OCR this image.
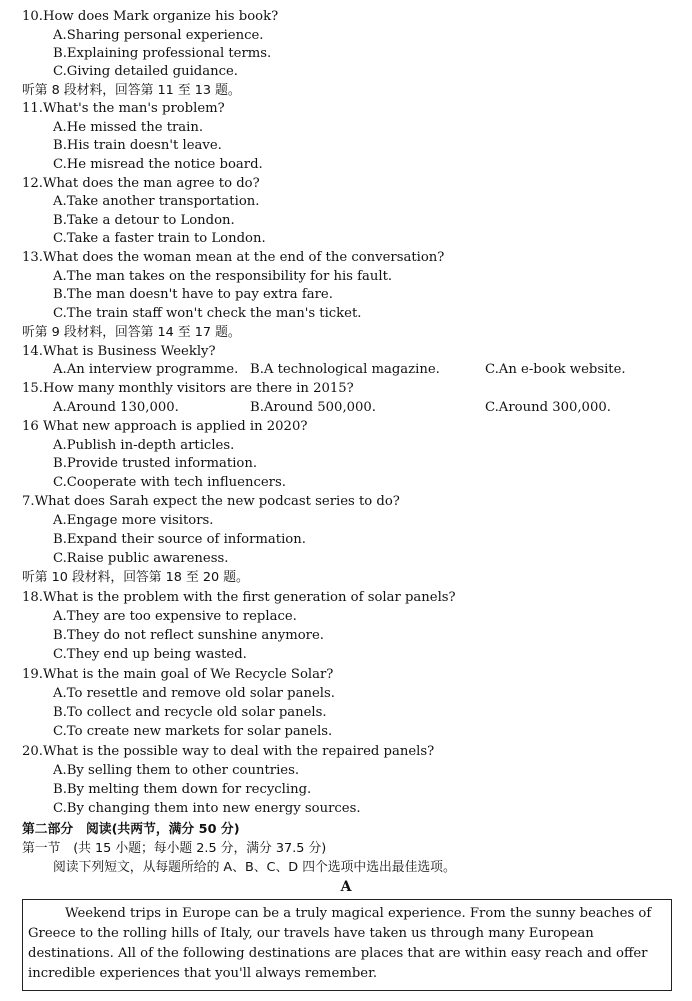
10.How does Mark organize his book?
A.Sharing personal experience.
B.Explaining professional terms.
C.Giving detailed guidance.
听第 8 段材料，回答第 11 至 13 题。
11.What's the man's problem?
A.He missed the train.
B.His train doesn't leave.
C.He misread the notice board.
12.What does the man agree to do?
A.Take another transportation.
B.Take a detour to London.
C.Take a faster train to London.
13.What does the woman mean at the end of the conversation?
A.The man takes on the responsibility for his fault.
B.The man doesn't have to pay extra fare.
C.The train staff won't check the man's ticket.
听第 9 段材料，回答第 14 至 17 题。
14.What is Business Weekly?
A.An interview programme. B.A technological magazine.	C.An e-book website.
15.How many monthly visitors are there in 2015?
A.Around 130,000.	B.Around 500,000.	C.Around 300,000.
16 What new approach is applied in 2020?
A.Publish in-depth articles.
B.Provide trusted information.
C.Cooperate with tech influencers.
7.What does Sarah expect the new podcast series to do?
A.Engage more visitors.
B.Expand their source of information.
C.Raise public awareness.
听第 10 段材料，回答第 18 至 20 题。
18.What is the problem with the first generation of solar panels?
A.They are too expensive to replace.
B.They do not reflect sunshine anymore.
C.They end up being wasted.
19.What is the main goal of We Recycle Solar?
A.To resettle and remove old solar panels.
B.To collect and recycle old solar panels.
C.To create new markets for solar panels.
20.What is the possible way to deal with the repaired panels?
A.By selling them to other countries.
B.By melting them down for recycling.
C.By changing them into new energy sources.
第二部分　阅读(共两节，满分 50 分)
第一节　(共 15 小题；每小题 2.5 分，满分 37.5 分)
阅读下列短文，从每题所给的 A、B、C、D 四个选项中选出最佳选项。
A
Weekend trips in Europe can be a truly magical experience. From the sunny beaches of
Greece to the rolling hills of Italy, our travels have taken us through many European
destinations. All of the following destinations are places that are within easy reach and offer
incredible experiences that you'll always remember.
